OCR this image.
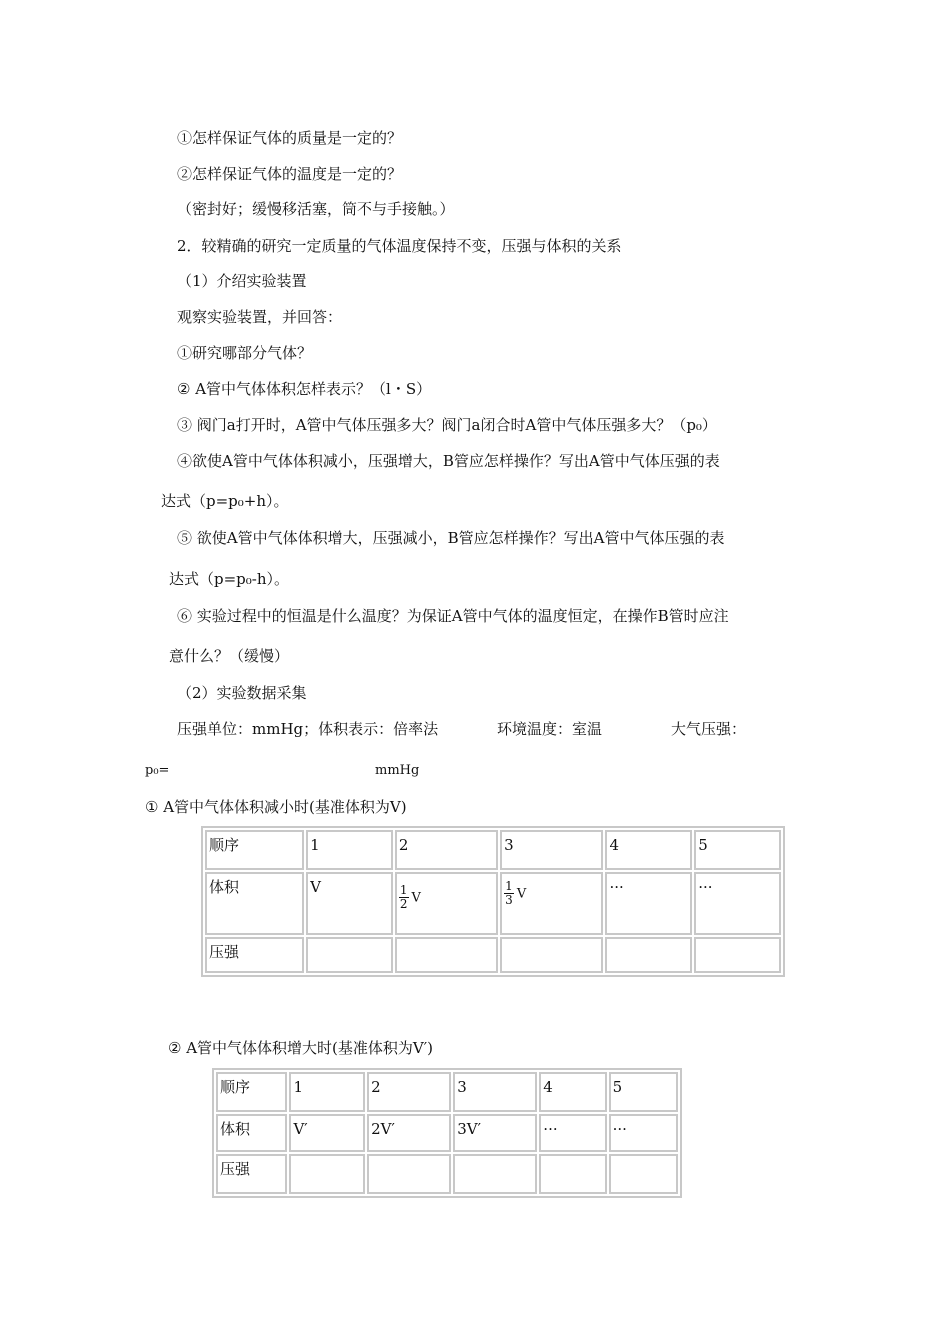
①怎样保证气体的质量是一定的？
②怎样保证气体的温度是一定的？
（密封好；缓慢移活塞，筒不与手接触。）
2．较精确的研究一定质量的气体温度保持不变，压强与体积的关系
（1）介绍实验装置
观察实验装置，并回答：
①研究哪部分气体？
② A管中气体体积怎样表示？（l・S）
③ 阀门a打开时，A管中气体压强多大？阀门a闭合时A管中气体压强多大？（p₀）
④欲使A管中气体体积减小，压强增大，B管应怎样操作？写出A管中气体压强的表
达式（p=p₀+h）。
⑤ 欲使A管中气体体积增大，压强减小，B管应怎样操作？写出A管中气体压强的表
达式（p=p₀-h）。
⑥ 实验过程中的恒温是什么温度？为保证A管中气体的温度恒定，在操作B管时应注
意什么？（缓慢）
（2）实验数据采集
压强单位：mmHg；体积表示：倍率法	环境温度：室温	大气压强：
p₀=	mmHg
① A管中气体体积减小时(基准体积为V)
顺序	1	2	3	4	5
体积	V	$\frac{1}{2}$ V	$\frac{1}{3}$ V	···	···
压强					
② A管中气体体积增大时(基准体积为V′)
顺序	1	2	3	4	5
体积	V′	2V′	3V′	···	···
压强					
